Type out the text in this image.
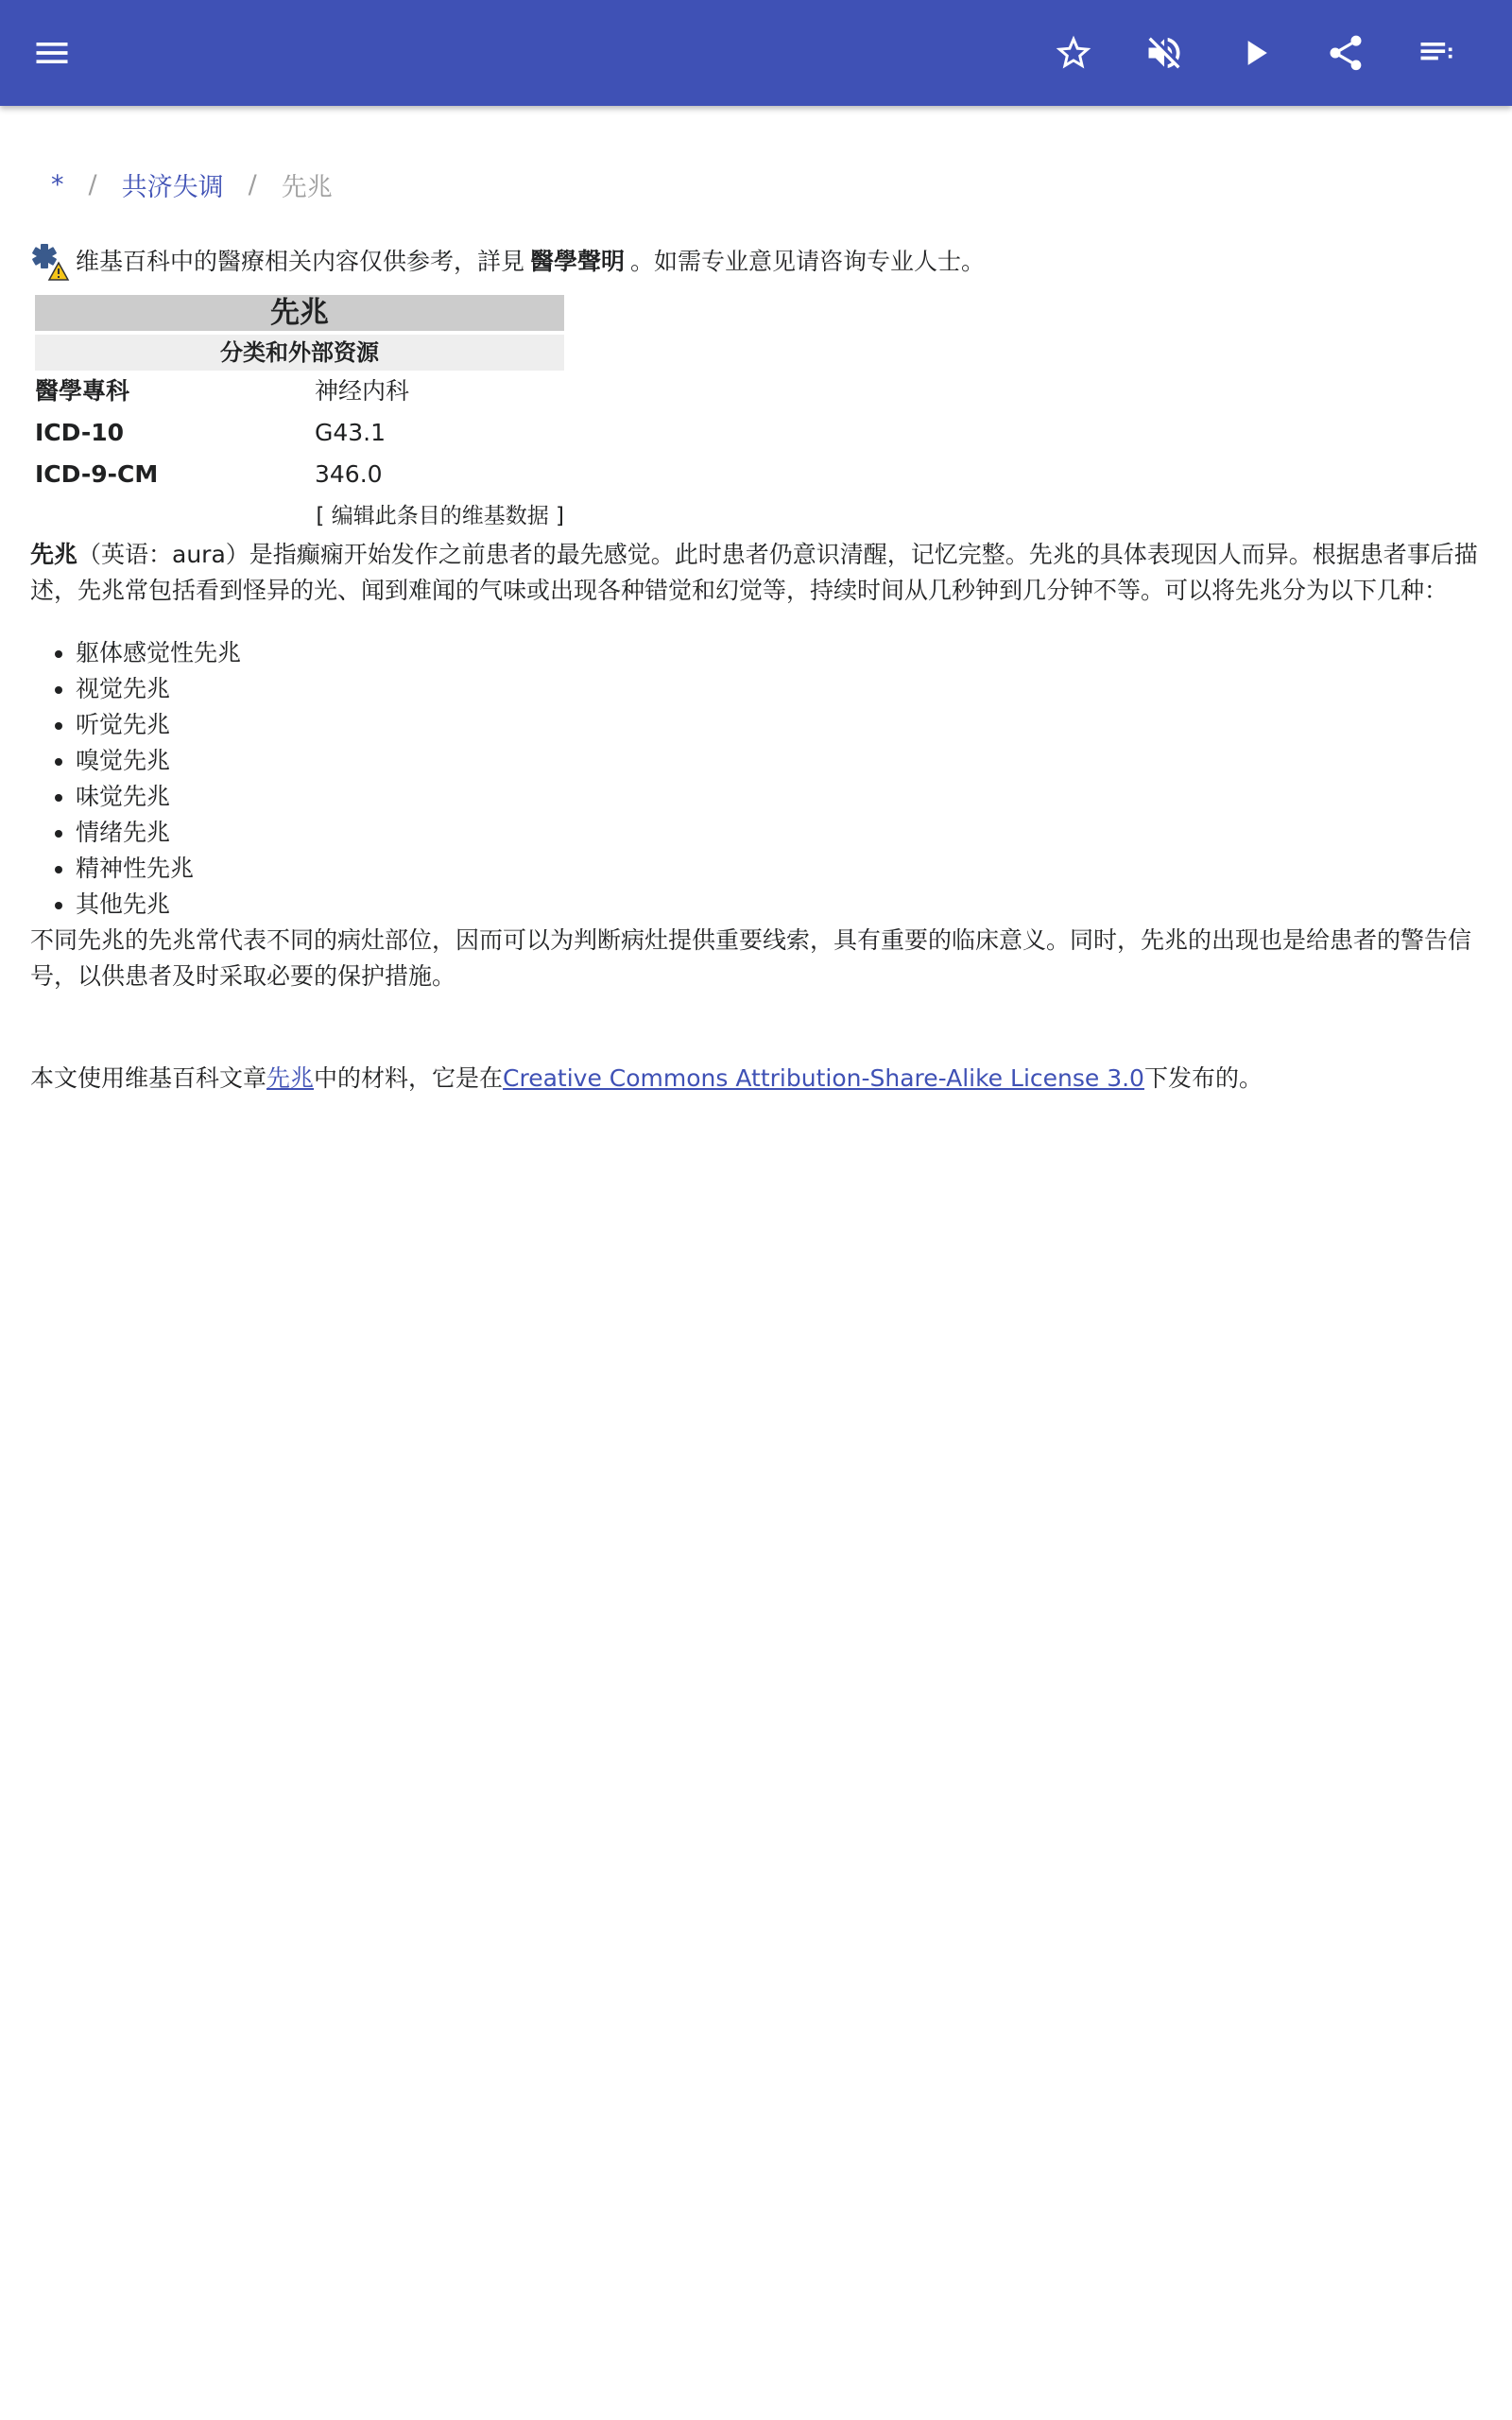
* / 共济失调 / 先兆
维基百科中的醫療相关内容仅供参考，詳見 醫學聲明 。如需专业意见请咨询专业人士。
先兆
分类和外部资源
醫學專科	神经内科
ICD-10	G43.1
ICD-9-CM	346.0
[ 编辑此条目的维基数据 ]

先兆（英语：aura）是指癫痫开始发作之前患者的最先感觉。此时患者仍意识清醒，记忆完整。先兆的具体表现因人而异。根据患者事后描述，先兆常包括看到怪异的光、闻到难闻的气味或出现各种错觉和幻觉等，持续时间从几秒钟到几分钟不等。可以将先兆分为以下几种：

• 躯体感觉性先兆
• 视觉先兆
• 听觉先兆
• 嗅觉先兆
• 味觉先兆
• 情绪先兆
• 精神性先兆
• 其他先兆

不同先兆的先兆常代表不同的病灶部位，因而可以为判断病灶提供重要线索，具有重要的临床意义。同时，先兆的出现也是给患者的警告信号，以供患者及时采取必要的保护措施。

本文使用维基百科文章先兆中的材料，它是在Creative Commons Attribution-Share-Alike License 3.0下发布的。
